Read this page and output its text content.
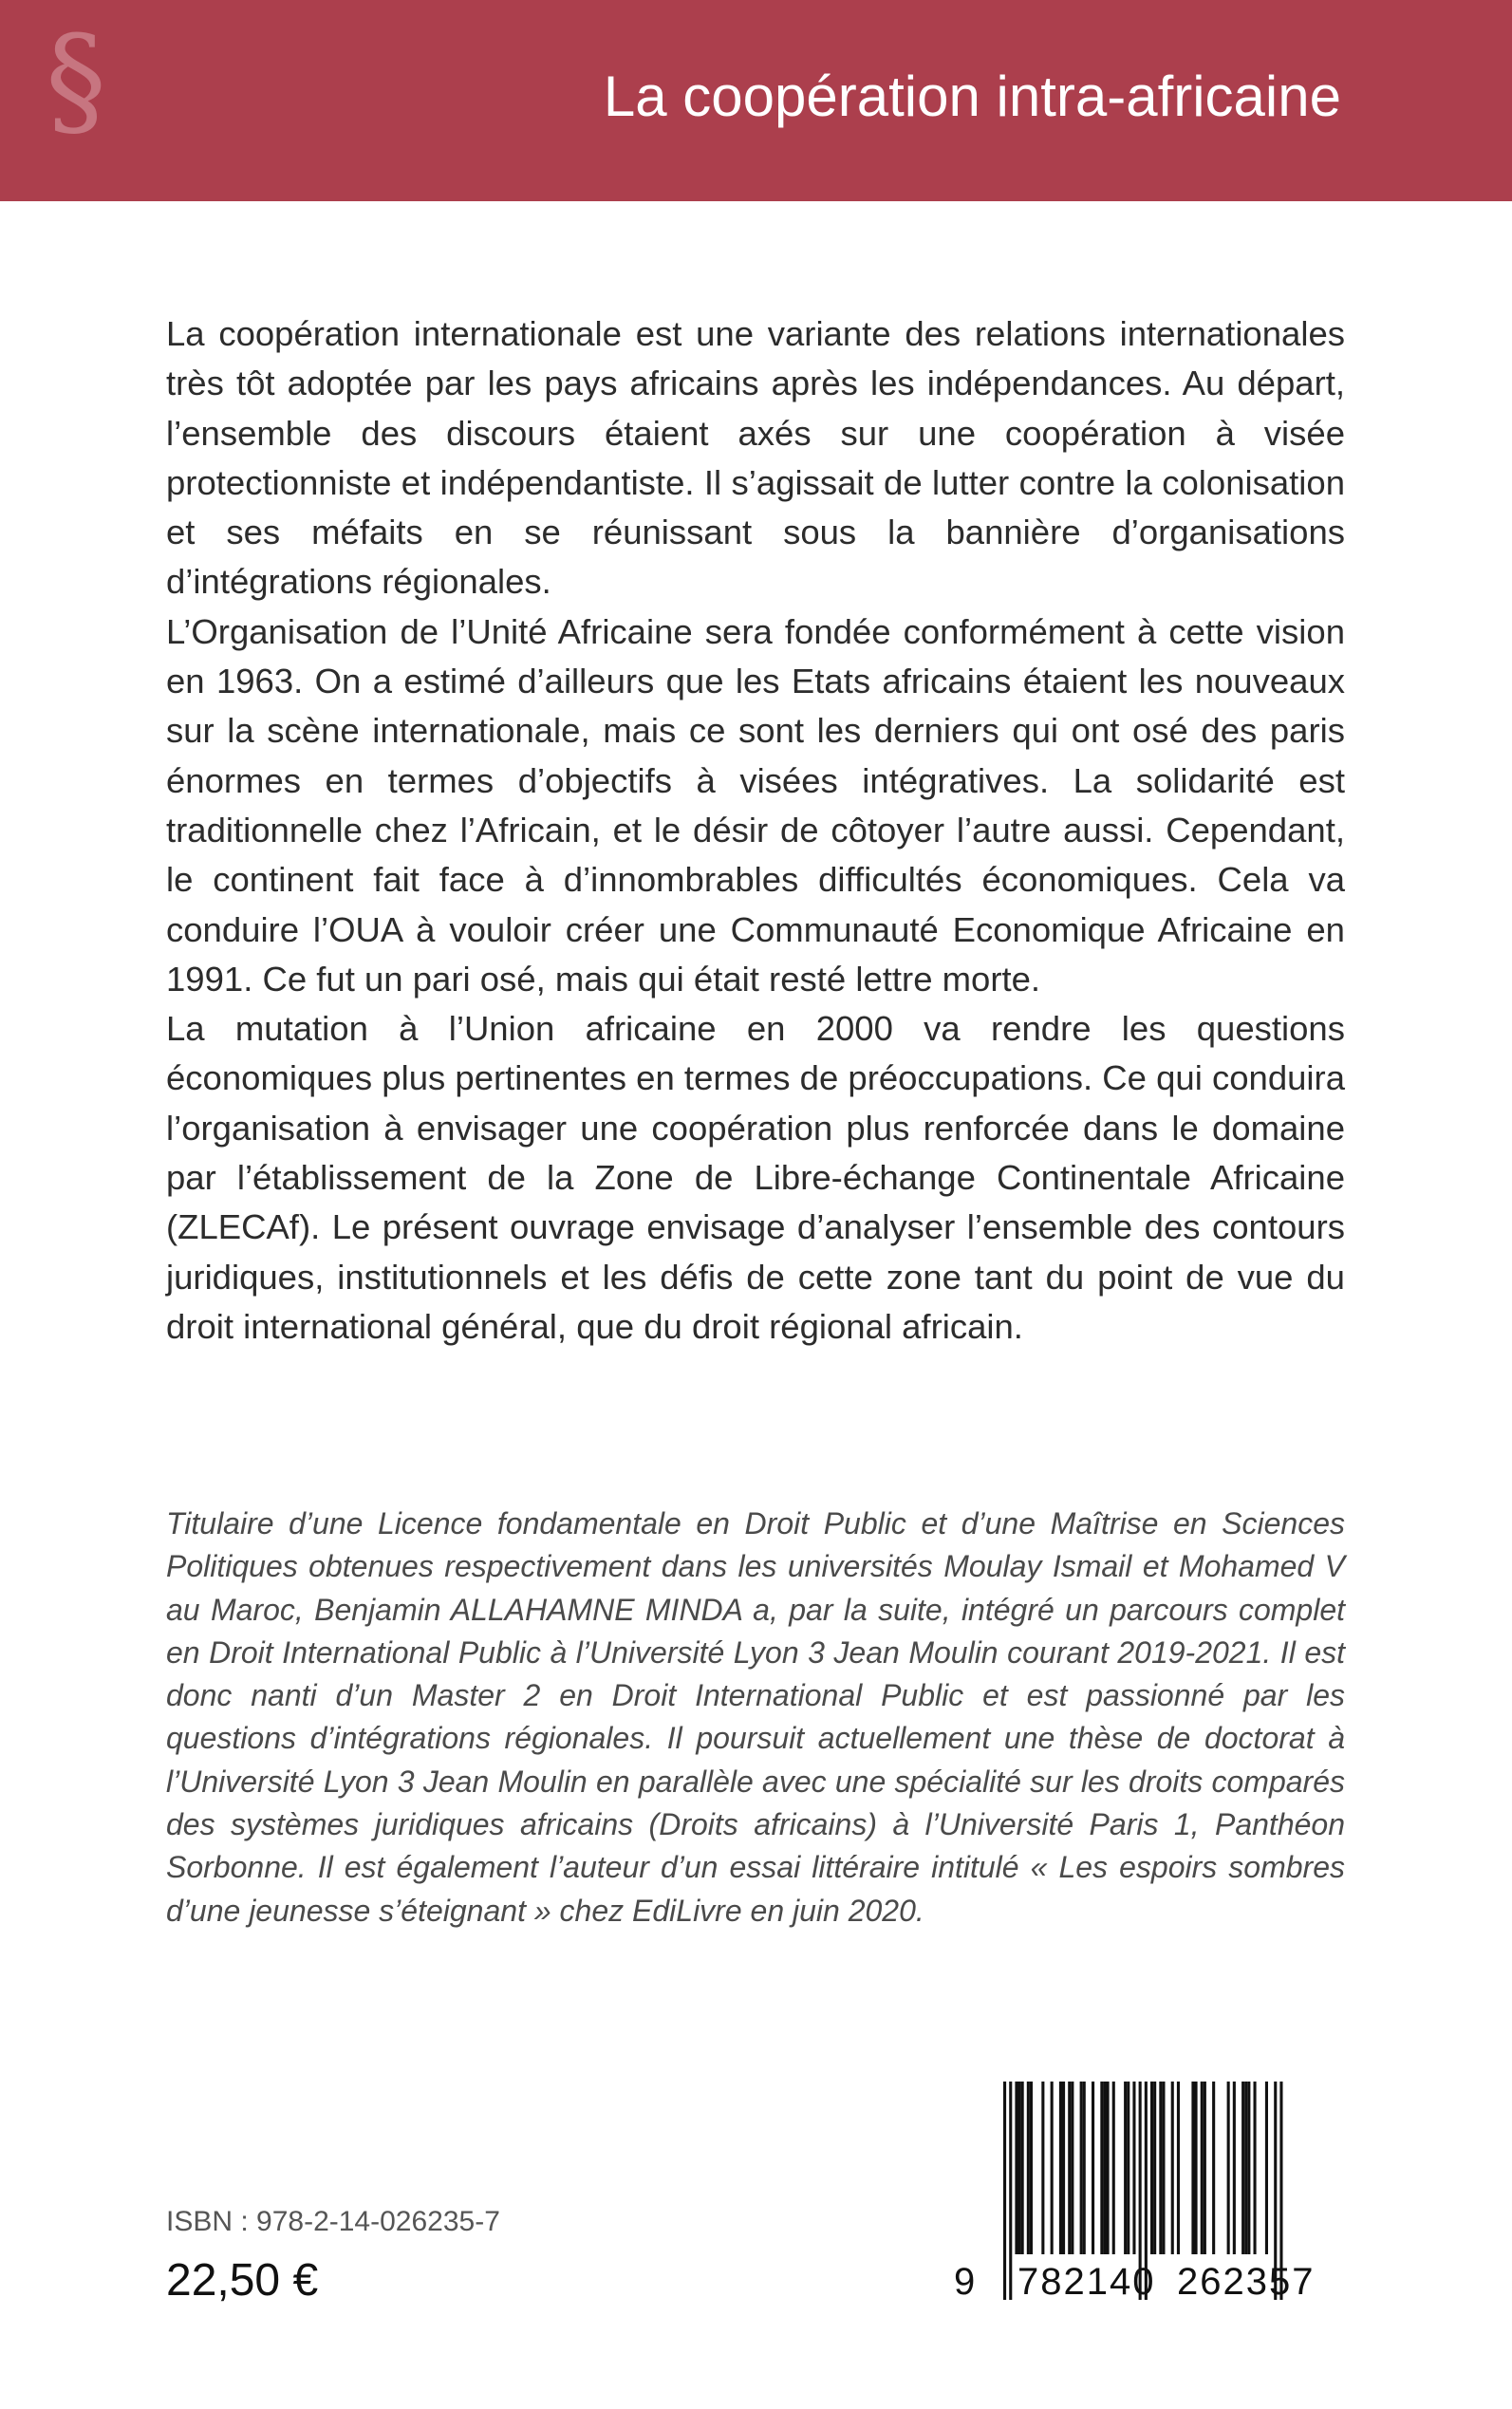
§	La coopération intra-africaine

La coopération internationale est une variante des relations internationales très tôt adoptée par les pays africains après les indépendances. Au départ, l’ensemble des discours étaient axés sur une coopération à visée protectionniste et indépendantiste. Il s’agissait de lutter contre la colonisation et ses méfaits en se réunissant sous la bannière d’organisations d’intégrations régionales.

L’Organisation de l’Unité Africaine sera fondée conformément à cette vision en 1963. On a estimé d’ailleurs que les Etats africains étaient les nouveaux sur la scène internationale, mais ce sont les derniers qui ont osé des paris énormes en termes d’objectifs à visées intégratives. La solidarité est traditionnelle chez l’Africain, et le désir de côtoyer l’autre aussi. Cependant, le continent fait face à d’innombrables difficultés économiques. Cela va conduire l’OUA à vouloir créer une Communauté Economique Africaine en 1991. Ce fut un pari osé, mais qui était resté lettre morte.

La mutation à l’Union africaine en 2000 va rendre les questions économiques plus pertinentes en termes de préoccupations. Ce qui conduira l’organisation à envisager une coopération plus renforcée dans le domaine par l’établissement de la Zone de Libre-échange Continentale Africaine (ZLECAf). Le présent ouvrage envisage d’analyser l’ensemble des contours juridiques, institutionnels et les défis de cette zone tant du point de vue du droit international général, que du droit régional africain.

Titulaire d’une Licence fondamentale en Droit Public et d’une Maîtrise en Sciences Politiques obtenues respectivement dans les universités Moulay Ismail et Mohamed V au Maroc, Benjamin ALLAHAMNE MINDA a, par la suite, intégré un parcours complet en Droit International Public à l’Université Lyon 3 Jean Moulin courant 2019-2021. Il est donc nanti d’un Master 2 en Droit International Public et est passionné par les questions d’intégrations régionales. Il poursuit actuellement une thèse de doctorat à l’Université Lyon 3 Jean Moulin en parallèle avec une spécialité sur les droits comparés des systèmes juridiques africains (Droits africains) à l’Université Paris 1, Panthéon Sorbonne. Il est également l’auteur d’un essai littéraire intitulé « Les espoirs sombres d’une jeunesse s’éteignant » chez EdiLivre en juin 2020.

ISBN : 978-2-14-026235-7
22,50 €	9 782140 262357
